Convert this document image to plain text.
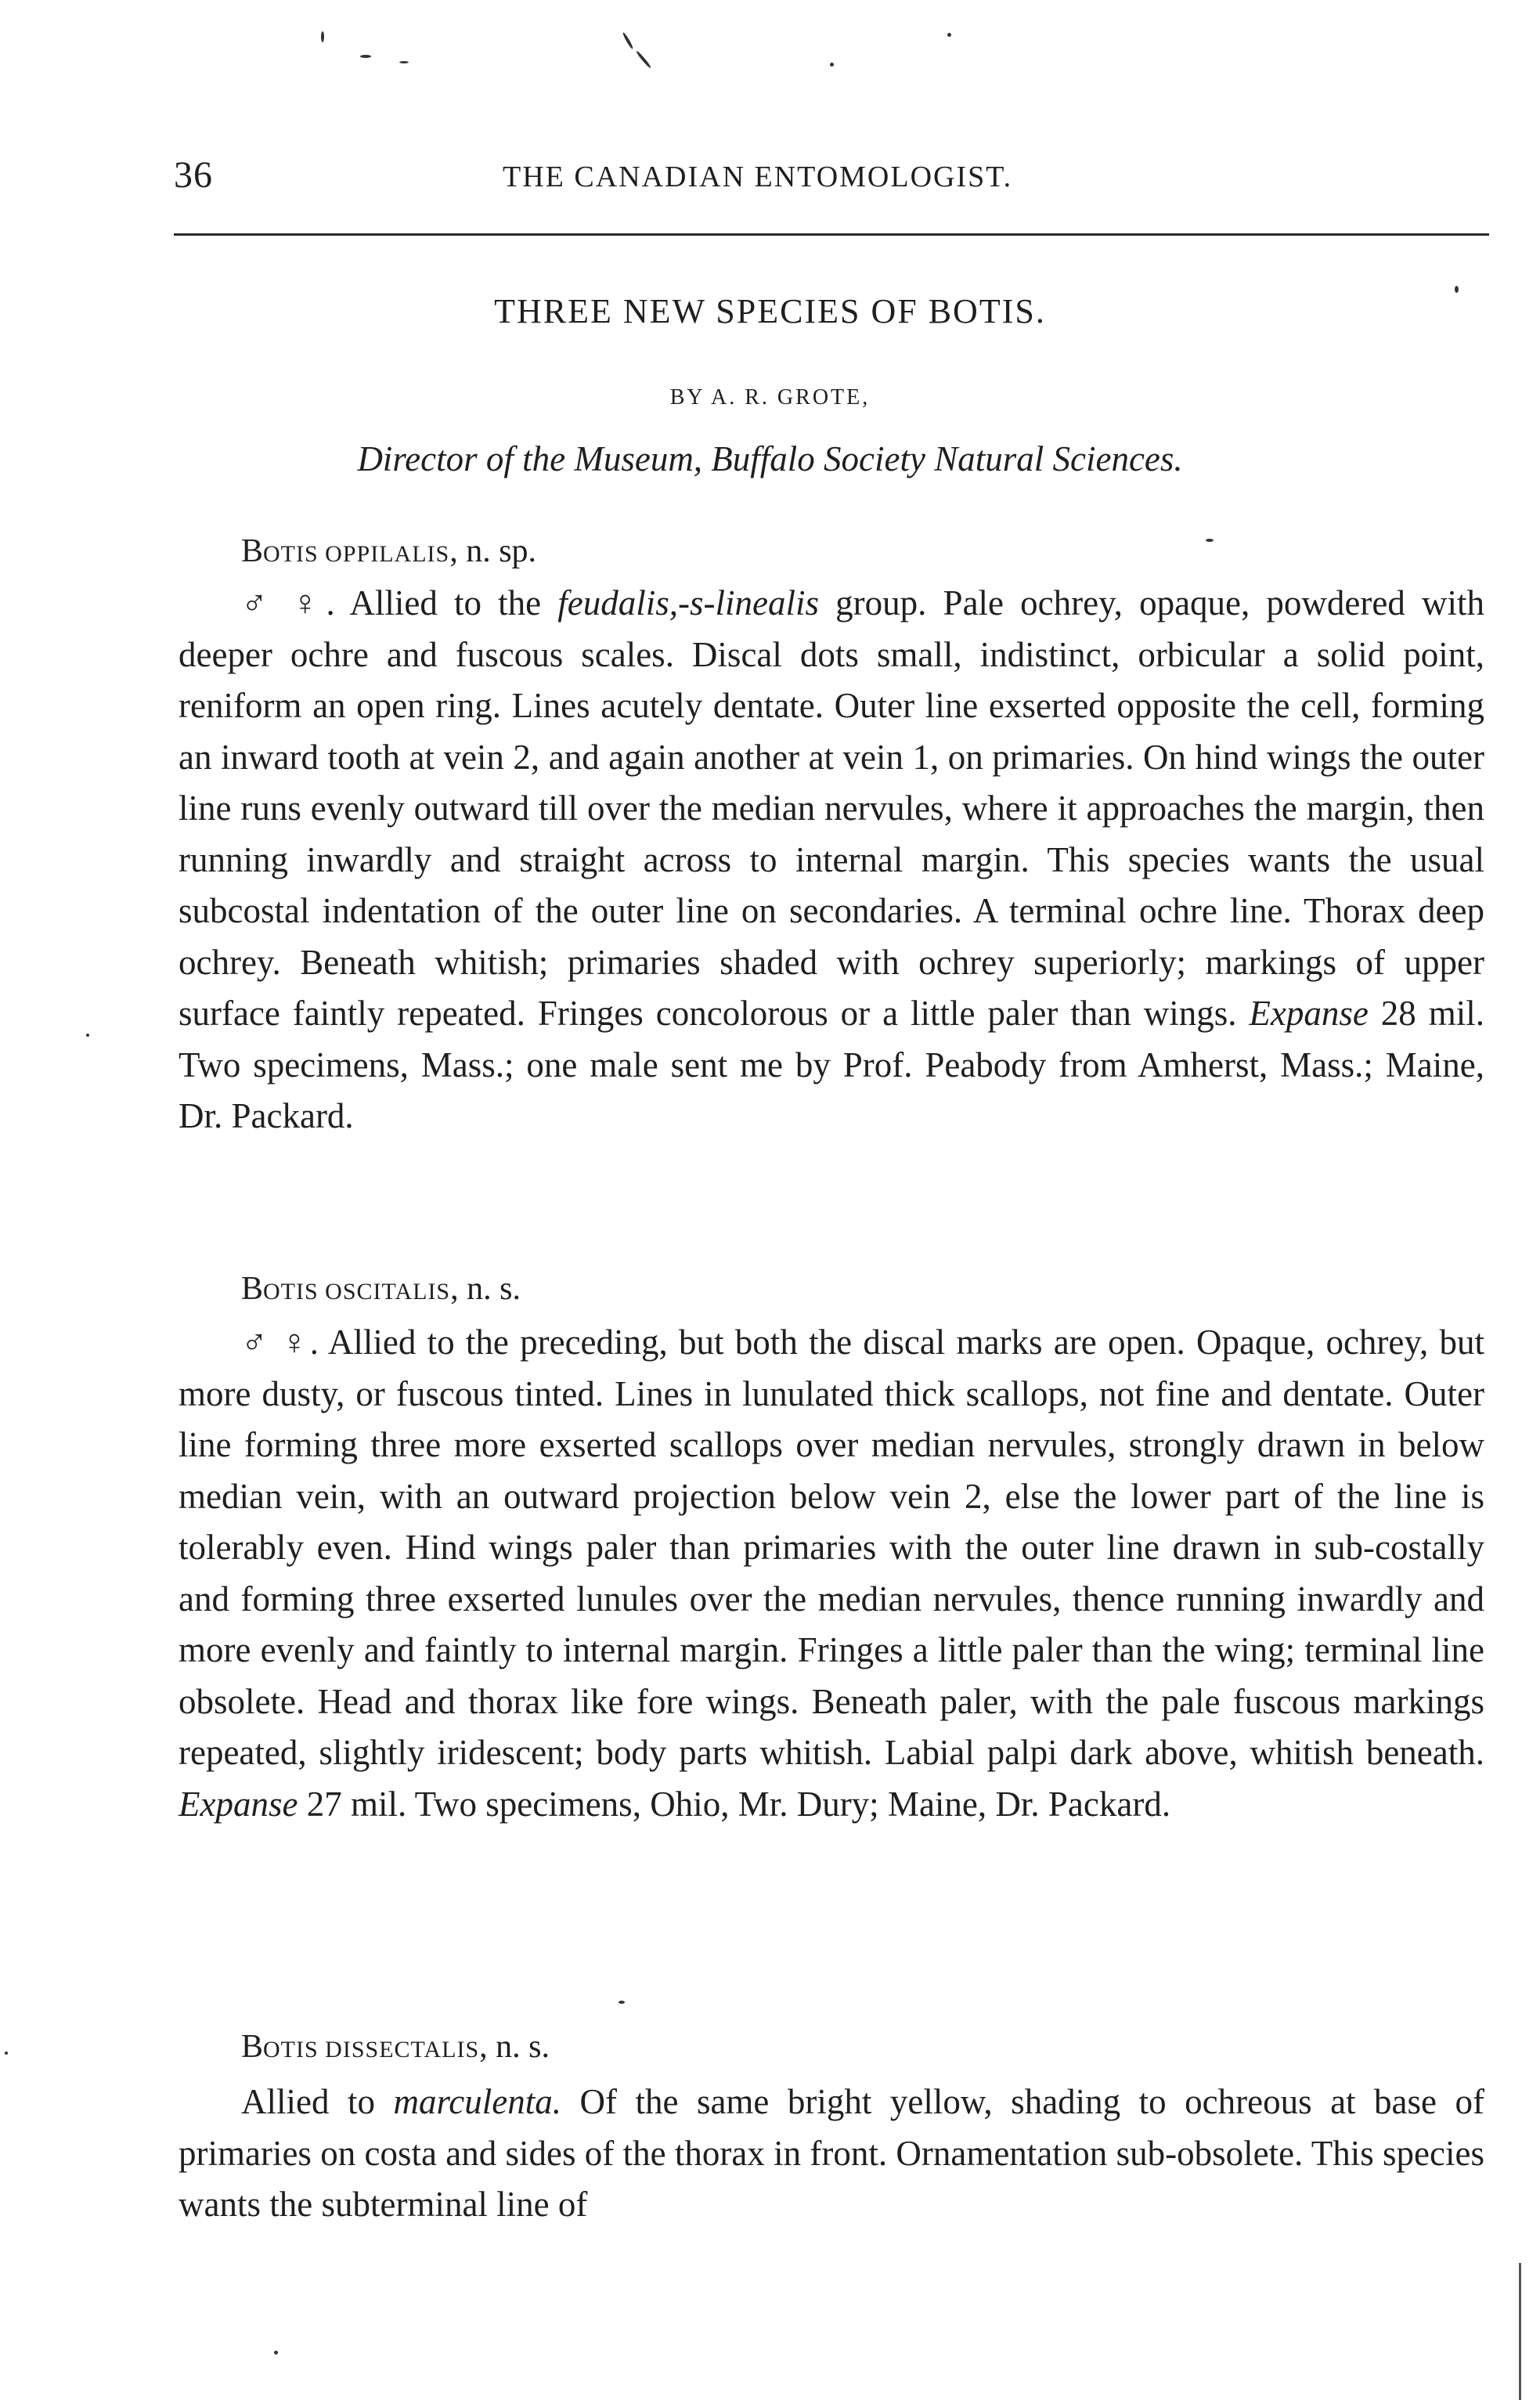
36	THE CANADIAN ENTOMOLOGIST.
THREE NEW SPECIES OF BOTIS.
BY A. R. GROTE,
Director of the Museum, Buffalo Society Natural Sciences.
BOTIS OPPILALIS, n. sp.

♂ ♀. Allied to the feudalis,-s-linealis group. Pale ochrey, opaque, powdered with deeper ochre and fuscous scales. Discal dots small, indistinct, orbicular a solid point, reniform an open ring. Lines acutely dentate. Outer line exserted opposite the cell, forming an inward tooth at vein 2, and again another at vein 1, on primaries. On hind wings the outer line runs evenly outward till over the median nervules, where it approaches the margin, then running inwardly and straight across to internal margin. This species wants the usual subcostal indentation of the outer line on secondaries. A terminal ochre line. Thorax deep ochrey. Beneath whitish; primaries shaded with ochrey superiorly; markings of upper surface faintly repeated. Fringes concolorous or a little paler than wings. Expanse 28 mil. Two specimens, Mass.; one male sent me by Prof. Peabody from Amherst, Mass.; Maine, Dr. Packard.

BOTIS OSCITALIS, n. s.

♂ ♀. Allied to the preceding, but both the discal marks are open. Opaque, ochrey, but more dusty, or fuscous tinted. Lines in lunulated thick scallops, not fine and dentate. Outer line forming three more exserted scallops over median nervules, strongly drawn in below median vein, with an outward projection below vein 2, else the lower part of the line is tolerably even. Hind wings paler than primaries with the outer line drawn in sub-costally and forming three exserted lunules over the median nervules, thence running inwardly and more evenly and faintly to internal margin. Fringes a little paler than the wing; terminal line obsolete. Head and thorax like fore wings. Beneath paler, with the pale fuscous markings repeated, slightly iridescent; body parts whitish. Labial palpi dark above, whitish beneath. Expanse 27 mil. Two specimens, Ohio, Mr. Dury; Maine, Dr. Packard.

BOTIS DISSECTALIS, n. s.

Allied to marculenta. Of the same bright yellow, shading to ochreous at base of primaries on costa and sides of the thorax in front. Ornamentation sub-obsolete. This species wants the subterminal line of
